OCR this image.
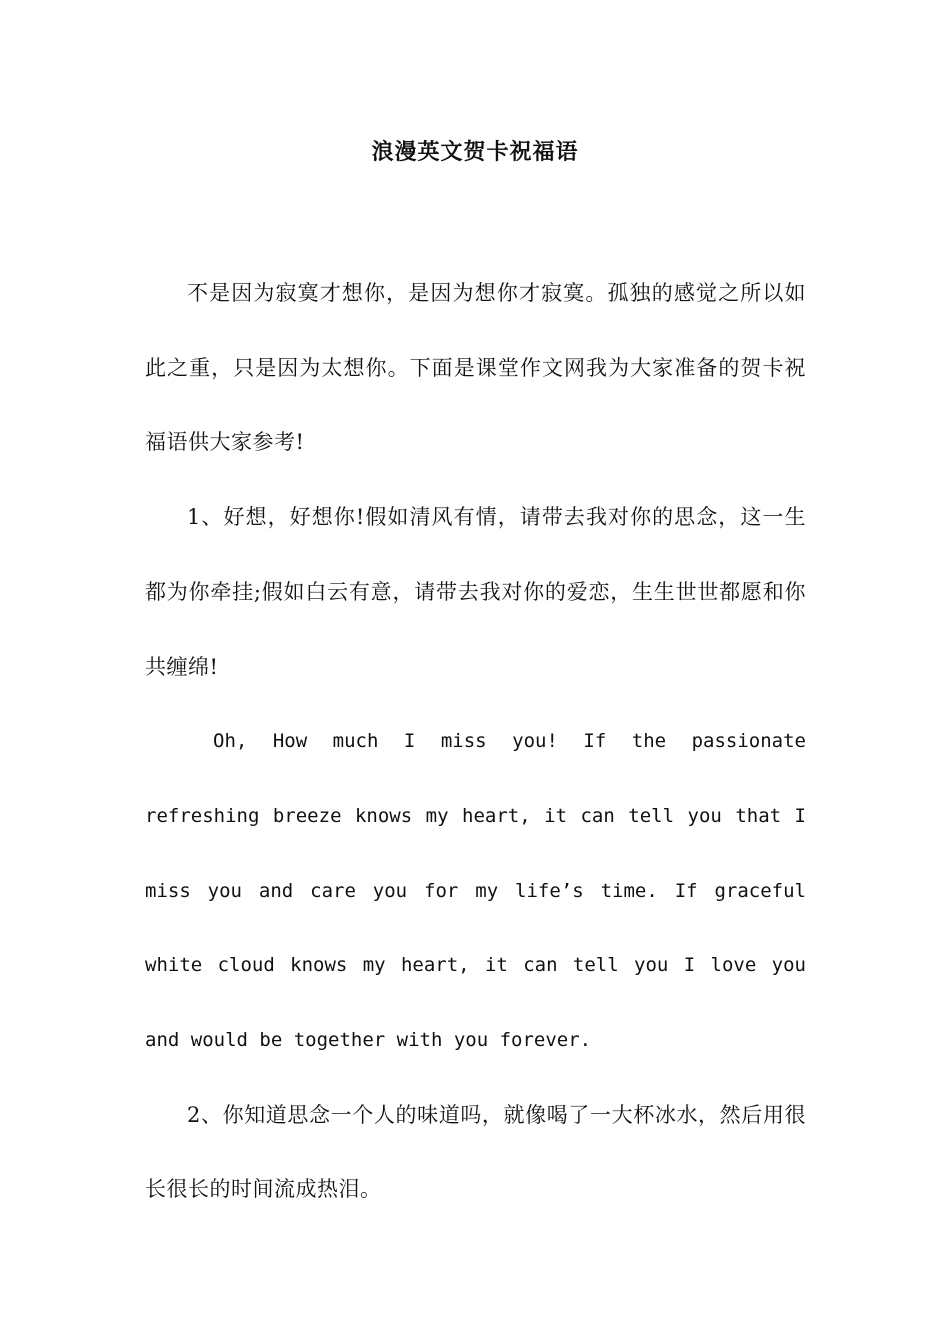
浪漫英文贺卡祝福语

不是因为寂寞才想你，是因为想你才寂寞。孤独的感觉之所以如此之重，只是因为太想你。下面是课堂作文网我为大家准备的贺卡祝福语供大家参考!

1、好想，好想你!假如清风有情，请带去我对你的思念，这一生都为你牵挂;假如白云有意，请带去我对你的爱恋，生生世世都愿和你共缠绵!

Oh, How much I miss you! If the passionate refreshing breeze knows my heart, it can tell you that I miss you and care you for my life’s time. If graceful white cloud knows my heart, it can tell you I love you and would be together with you forever.

2、你知道思念一个人的味道吗，就像喝了一大杯冰水，然后用很长很长的时间流成热泪。
